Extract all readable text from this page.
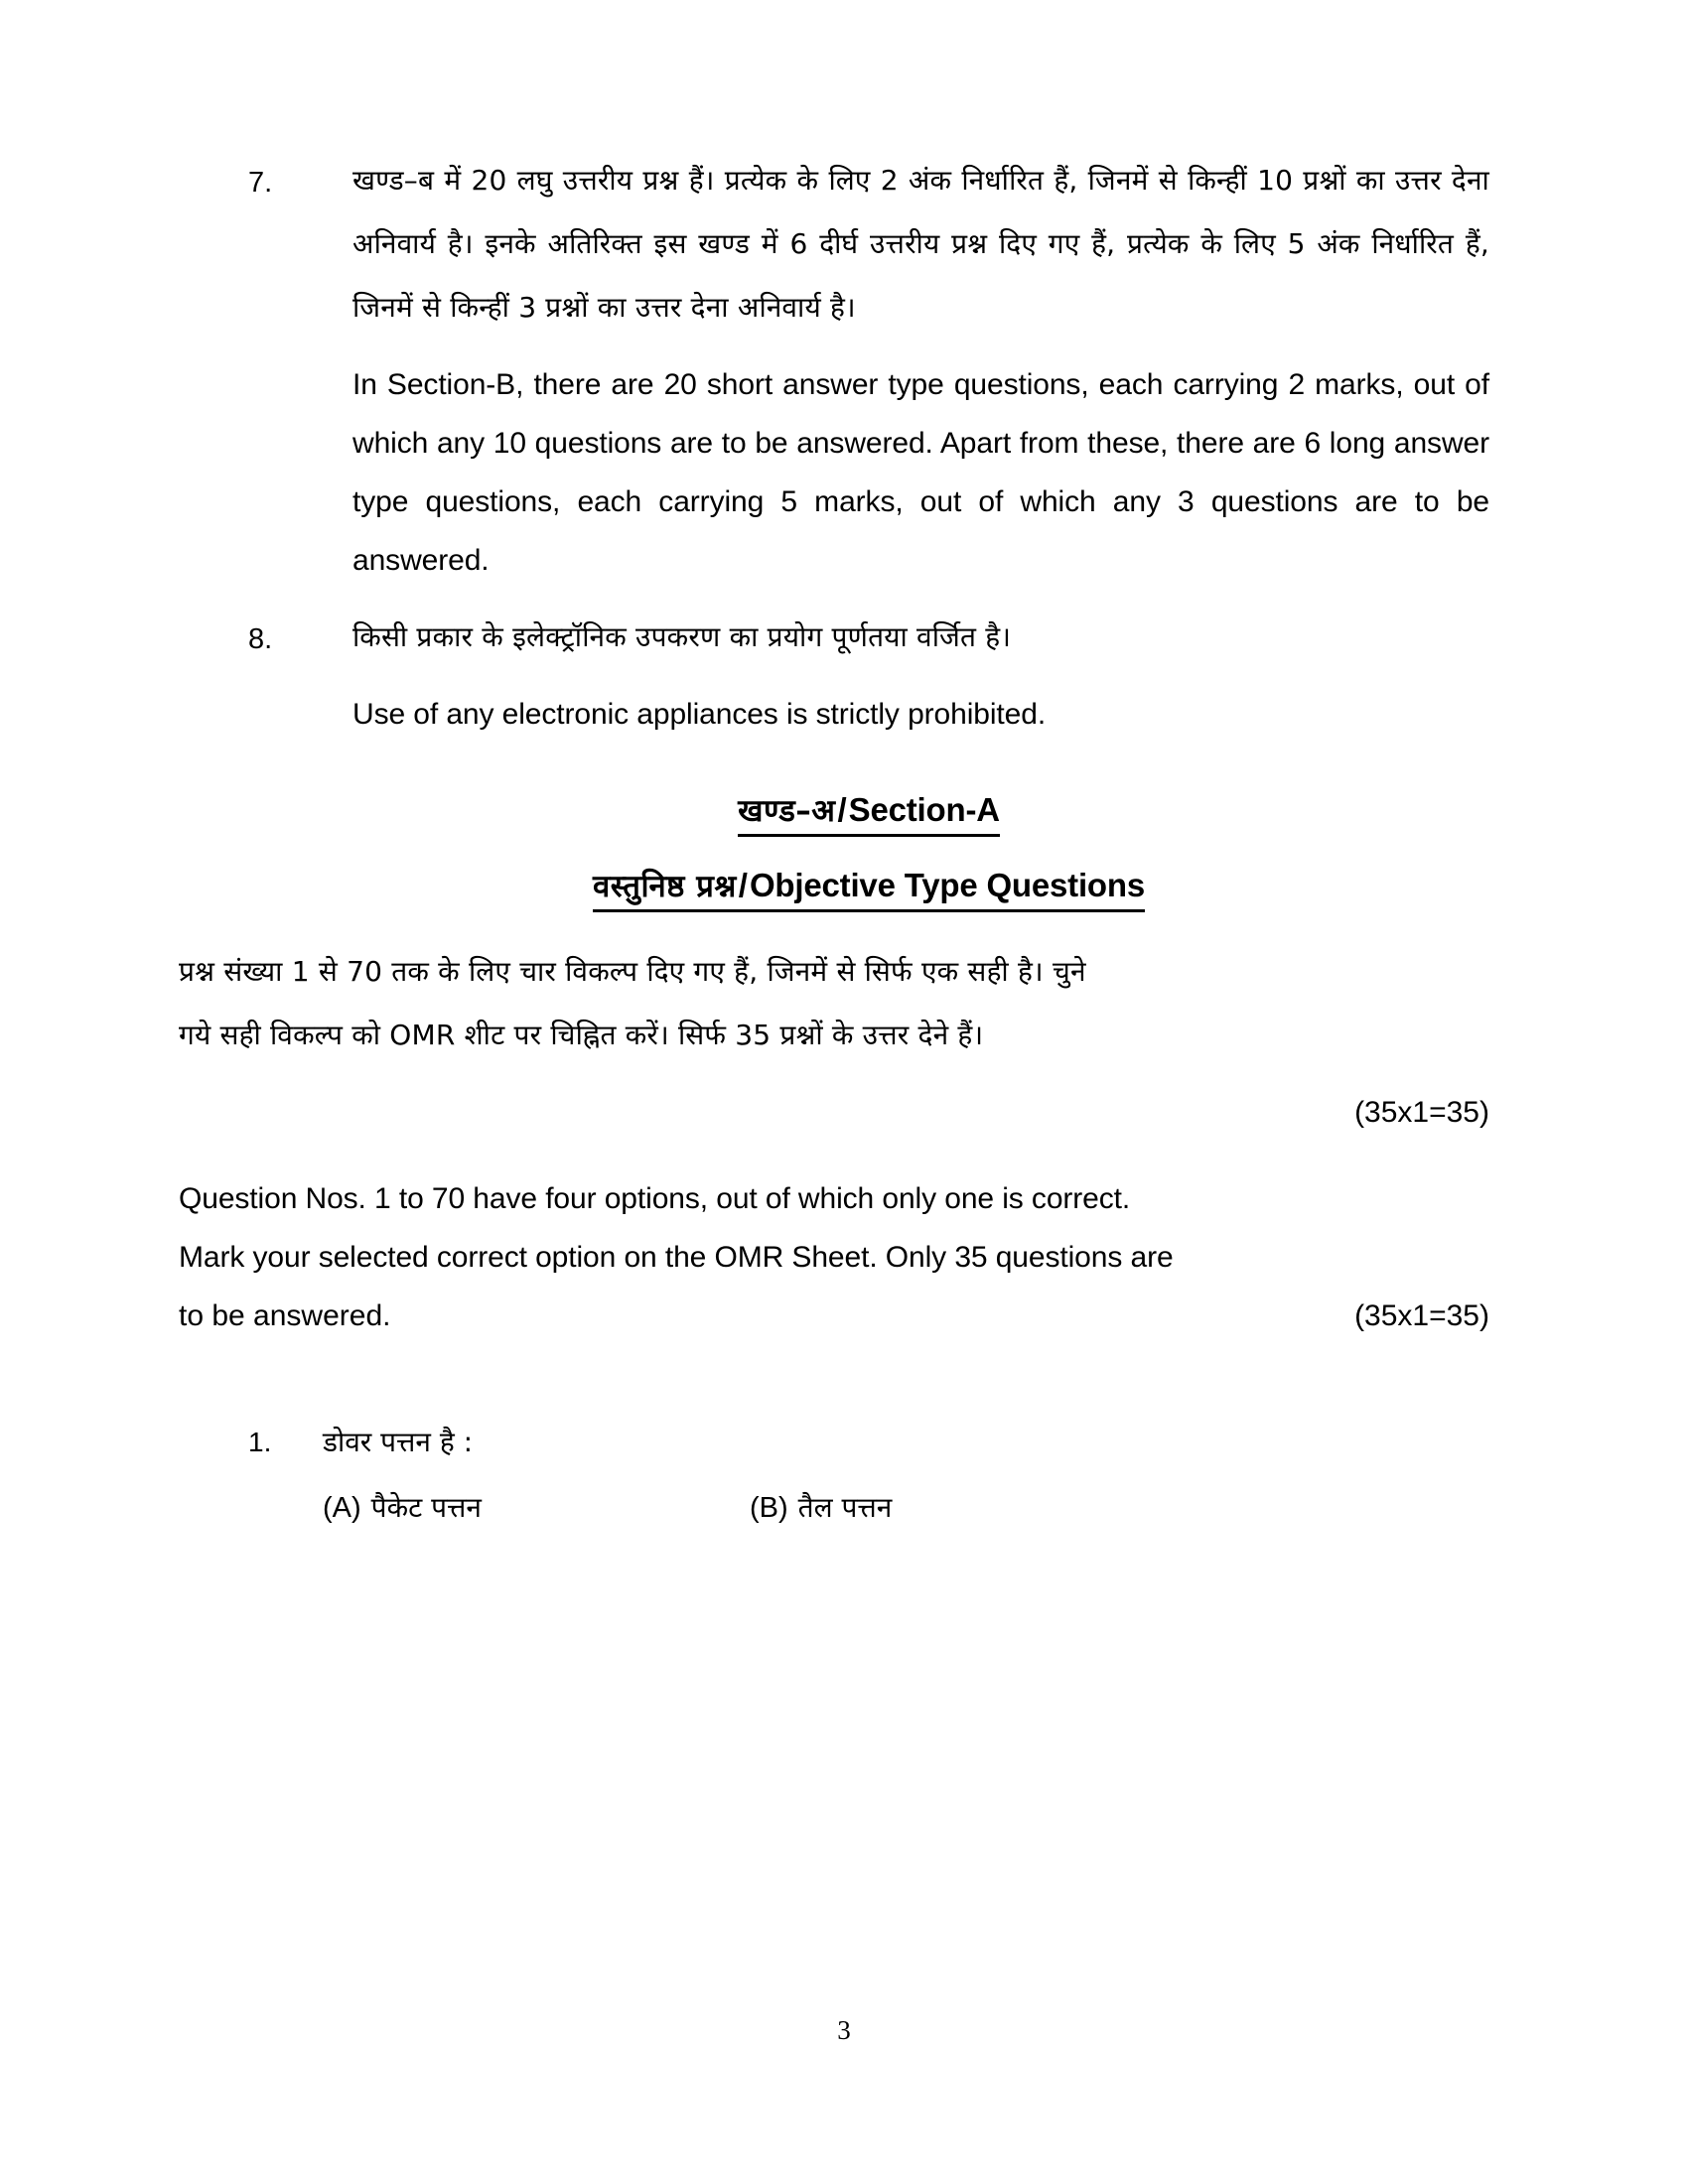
7.	खण्ड–ब में 20 लघु उत्तरीय प्रश्न हैं। प्रत्येक के लिए 2 अंक निर्धारित हैं, जिनमें से किन्हीं 10 प्रश्नों का उत्तर देना अनिवार्य है। इनके अतिरिक्त इस खण्ड में 6 दीर्घ उत्तरीय प्रश्न दिए गए हैं, प्रत्येक के लिए 5 अंक निर्धारित हैं, जिनमें से किन्हीं 3 प्रश्नों का उत्तर देना अनिवार्य है।

In Section-B, there are 20 short answer type questions, each carrying 2 marks, out of which any 10 questions are to be answered. Apart from these, there are 6 long answer type questions, each carrying 5 marks, out of which any 3 questions are to be answered.

8.	किसी प्रकार के इलेक्ट्रॉनिक उपकरण का प्रयोग पूर्णतया वर्जित है।

Use of any electronic appliances is strictly prohibited.

खण्ड–अ/Section-A
वस्तुनिष्ठ प्रश्न/Objective Type Questions

प्रश्न संख्या 1 से 70 तक के लिए चार विकल्प दिए गए हैं, जिनमें से सिर्फ एक सही है। चुने

गये सही विकल्प को OMR शीट पर चिह्नित करें। सिर्फ 35 प्रश्नों के उत्तर देने हैं।

(35x1=35)

Question Nos. 1 to 70 have four options, out of which only one is correct.

Mark your selected correct option on the OMR Sheet. Only 35 questions are

to be answered.	(35x1=35)
1.	डोवर पत्तन है :
(A) पैकेट पत्तन	(B) तैल पत्तन
3
